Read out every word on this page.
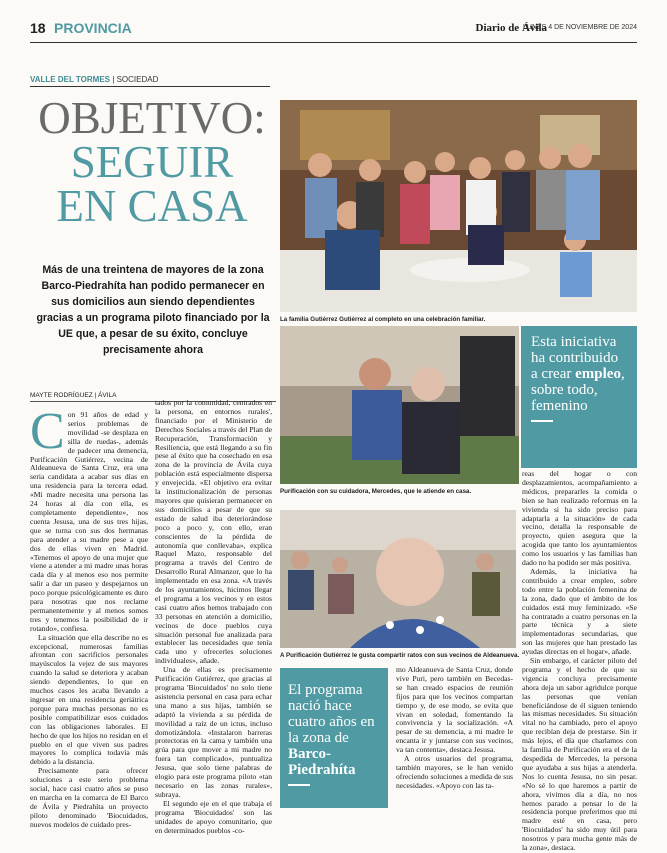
18 PROVINCIA	Diario de Ávila
LUNES 4 DE NOVIEMBRE DE 2024
VALLE DEL TORMES | SOCIEDAD
OBJETIVO:
SEGUIR
EN CASA
Más de una treintena de mayores de la zona Barco-Piedrahíta han podido permanecer en sus domicilios aun siendo dependientes gracias a un programa piloto financiado por la UE que, a pesar de su éxito, concluye precisamente ahora
MAYTE RODRÍGUEZ | ÁVILA

Con 91 años de edad y serios problemas de movilidad -se desplaza en silla de ruedas-, además de padecer una demencia, Purificación Gutiérrez, vecina de Aldeanueva de Santa Cruz, era una seria candidata a acabar sus días en una residencia para la tercera edad. «Mi madre necesita una persona las 24 horas al día con ella, es completamente dependiente», nos cuenta Jesusa, una de sus tres hijas, que se turna con sus dos hermanas para atender a su madre pese a que dos de ellas viven en Madrid. «Tenemos el apoyo de una mujer que viene a atender a mi madre unas horas cada día y al menos eso nos permite salir a dar un paseo y despejarnos un poco porque psicológicamente es duro para nosotras que nos reclame permanentemente y al menos somos tres y tenemos la posibilidad de ir rotando», confiesa.

La situación que ella describe no es excepcional, numerosas familias afrontan con sacrificios personales mayúsculos la vejez de sus mayores cuando la salud se deteriora y acaban siendo dependientes, lo que en muchos casos les acaba llevando a ingresar en una residencia geriátrica porque para muchas personas no es posible compatibilizar esos cuidados con las obligaciones laborales. El hecho de que los hijos no residan en el pueblo en el que viven sus padres mayores lo complica todavía más debido a la distancia.

Precisamente para ofrecer soluciones a este serio problema social, hace casi cuatro años se puso en marcha en la comarca de El Barco de Ávila y Piedrahíta un proyecto piloto denominado 'Biocuidados, nuevos modelos de cuidado pres-

tados por la comunidad, centrados en la persona, en entornos rurales', financiado por el Ministerio de Derechos Sociales a través del Plan de Recuperación, Transformación y Resiliencia, que está llegando a su fin pese al éxito que ha cosechado en esa zona de la provincia de Ávila cuya población está especialmente dispersa y envejecida. «El objetivo era evitar la institucionalización de personas mayores que quisieran permanecer en sus domicilios a pesar de que su estado de salud iba deteriorándose poco a poco y, con ello, eran conscientes de la pérdida de autonomía que conllevaba», explica Raquel Mazo, responsable del programa a través del Centro de Desarrollo Rural Almanzor, que lo ha implementado en esa zona. «A través de los ayuntamientos, hicimos llegar el programa a los vecinos y en estos casi cuatro años hemos trabajado con 33 personas en atención a domicilio, vecinos de doce pueblos cuya situación personal fue analizada para establecer las necesidades que tenía cada uno y ofrecerles soluciones individuales», añade.

Una de ellas es precisamente Purificación Gutiérrez, que gracias al programa 'Biocuidados' no solo tiene asistencia personal en casa para echar una mano a sus hijas, también se adaptó la vivienda a su pérdida de movilidad a raíz de un ictus, incluso domotizándola. «Instalaron barreras protectoras en la cama y también una grúa para que mover a mi madre no fuera tan complicado», puntualiza Jesusa, que solo tiene palabras de elogio para este programa piloto «tan necesario en las zonas rurales», subraya.

El segundo eje en el que trabaja el programa 'Biocuidados' son las unidades de apoyo comunitario, que en determinados pueblos -co-

La familia Gutiérrez Gutiérrez al completo en una celebración familiar.
Purificación con su cuidadora, Mercedes, que le atiende en casa.
Esta iniciativa ha contribuido a crear empleo, sobre todo, femenino

reas del hogar o con desplazamientos, acompañamiento a médicos, prepararles la comida o bien se han realizado reformas en la vivienda si ha sido preciso para adaptarla a la situación» de cada vecino, detalla la responsable de proyecto, quien asegura que la acogida que tanto los ayuntamientos como los usuarios y las familias han dado no ha podido ser más positiva.

Además, la iniciativa ha contribuido a crear empleo, sobre todo entre la población femenina de la zona, dado que el ámbito de los cuidados está muy feminizado. «Se ha contratado a cuatro personas en la parte técnica y a siete implementadoras secundarias, que son las mujeres que han prestado las ayudas directas en el hogar», añade.

Sin embargo, el carácter piloto del programa y el hecho de que su vigencia concluya precisamente ahora deja un sabor agridulce porque las personas que venían beneficiándose de él siguen teniendo las mismas necesidades. Su situación vital no ha cambiado, pero el apoyo que recibían deja de prestarse. Sin ir más lejos, el día que charlamos con la familia de Purificación era el de la despedida de Mercedes, la persona que ayudaba a sus hijas a atenderla. Nos lo cuenta Jesusa, no sin pesar. «No sé lo que haremos a partir de ahora, vivimos día a día, no nos hemos parado a pensar lo de la residencia porque preferimos que mi madre esté en casa, pero 'Biocuidados' ha sido muy útil para nosotros y para mucha gente más de la zona», destaca.

A Purificación Gutiérrez le gusta compartir ratos con sus vecinos de Aldeanueva.
El programa nació hace cuatro años en la zona de Barco-Piedrahíta

mo Aldeanueva de Santa Cruz, donde vive Puri, pero también en Becedas- se han creado espacios de reunión fijos para que los vecinos compartan tiempo y, de ese modo, se evita que vivan en soledad, fomentando la convivencia y la socialización. «A pesar de su demencia, a mi madre le encanta ir y juntarse con sus vecinos, va tan contenta», destaca Jesusa.

A otros usuarios del programa, también mayores, se le han venido ofreciendo soluciones a medida de sus necesidades. «Apoyo con las ta-
